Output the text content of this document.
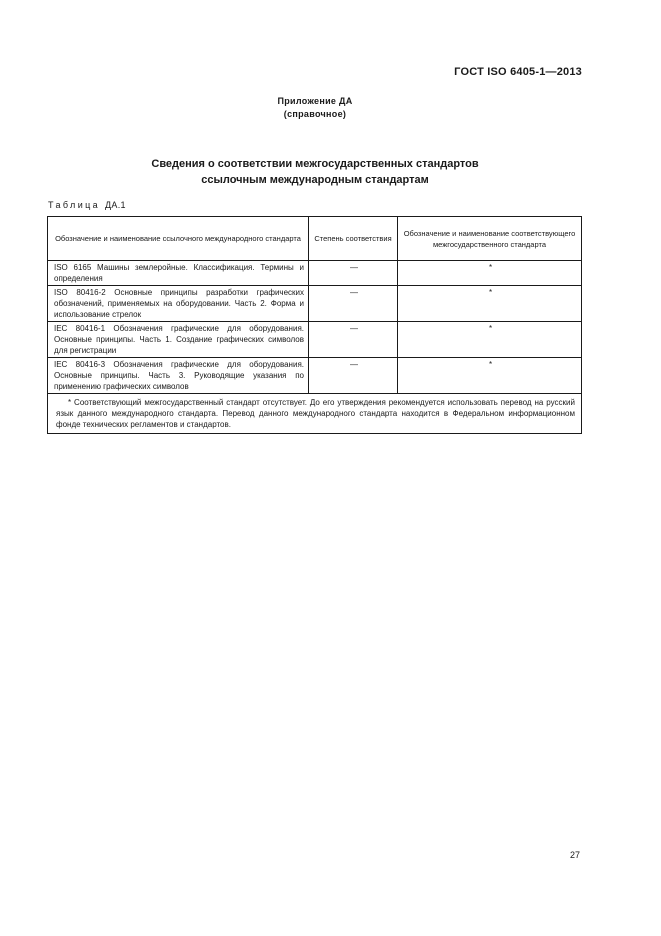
ГОСТ ISO 6405-1—2013
Приложение ДА
(справочное)
Сведения о соответствии межгосударственных стандартов
ссылочным международным стандартам
Таблица ДА.1
Обозначение и наименование ссылочного международного стандарта	Степень соответствия	Обозначение и наименование соответствующего межгосударственного стандарта
ISO 6165 Машины землеройные. Классификация. Термины и определения	—	*
ISO 80416-2 Основные принципы разработки графических обозначений, применяемых на оборудовании. Часть 2. Форма и использование стрелок	—	*
IEC 80416-1 Обозначения графические для оборудования. Основные принципы. Часть 1. Создание графических символов для регистрации	—	*
IEC 80416-3 Обозначения графические для оборудования. Основные принципы. Часть 3. Руководящие указания по применению графических символов	—	*
* Соответствующий межгосударственный стандарт отсутствует. До его утверждения рекомендуется использовать перевод на русский язык данного международного стандарта. Перевод данного международного стандарта находится в Федеральном информационном фонде технических регламентов и стандартов.		
27
